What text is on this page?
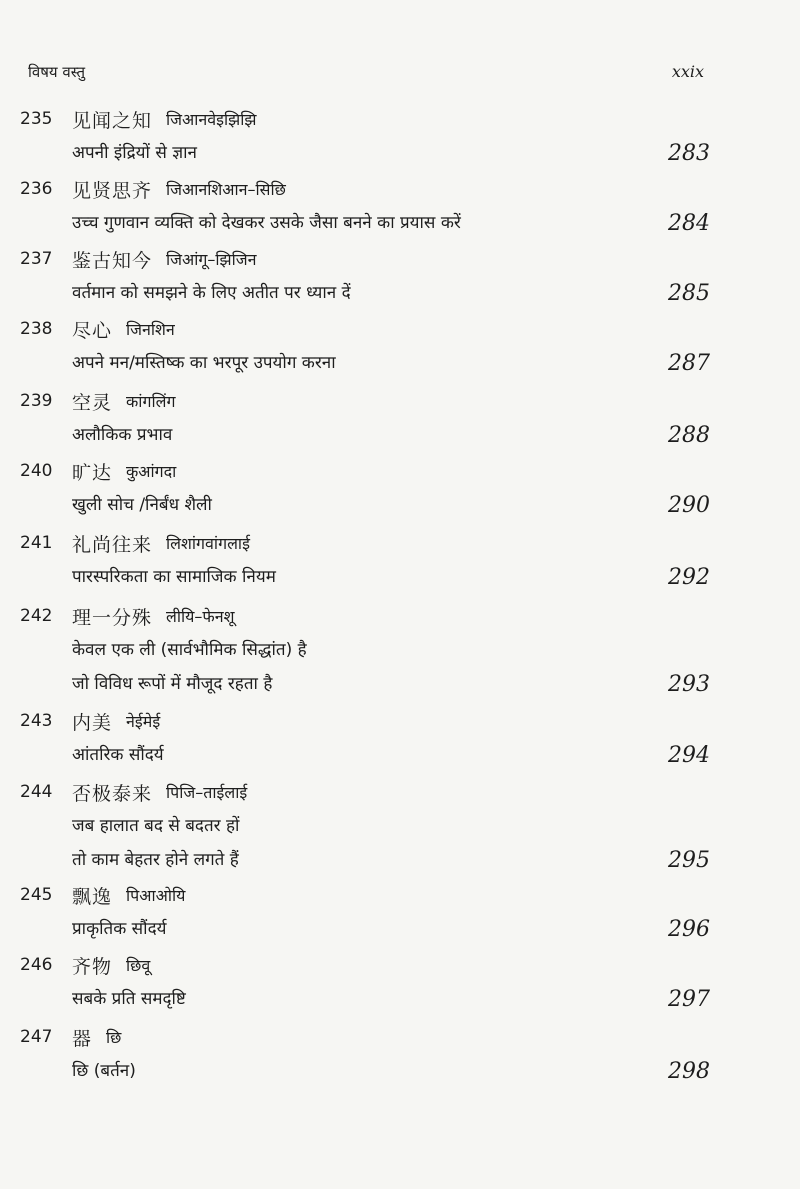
विषय वस्तु	xxix
235	见闻之知 जिआनवेइझिझि
अपनी इंद्रियों से ज्ञान	283
236	见贤思齐 जिआनशिआन–सिछि
उच्च गुणवान व्यक्ति को देखकर उसके जैसा बनने का प्रयास करें	284
237	鉴古知今 जिआंगू–झिजिन
वर्तमान को समझने के लिए अतीत पर ध्यान दें	285
238	尽心 जिनशिन
अपने मन/मस्तिष्क का भरपूर उपयोग करना	287
239	空灵 कांगलिंग
अलौकिक प्रभाव	288
240	旷达 कुआंगदा
खुली सोच /निर्बंध शैली	290
241	礼尚往来 लिशांगवांगलाई
पारस्परिकता का सामाजिक नियम	292
242	理一分殊 लीयि–फेनशू
केवल एक ली (सार्वभौमिक सिद्धांत) है
जो विविध रूपों में मौजूद रहता है	293
243	内美 नेईमेई
आंतरिक सौंदर्य	294
244	否极泰来 पिजि–ताईलाई
जब हालात बद से बदतर हों
तो काम बेहतर होने लगते हैं	295
245	飘逸 पिआओयि
प्राकृतिक सौंदर्य	296
246	齐物 छिवू
सबके प्रति समदृष्टि	297
247	器 छि
छि (बर्तन)	298
